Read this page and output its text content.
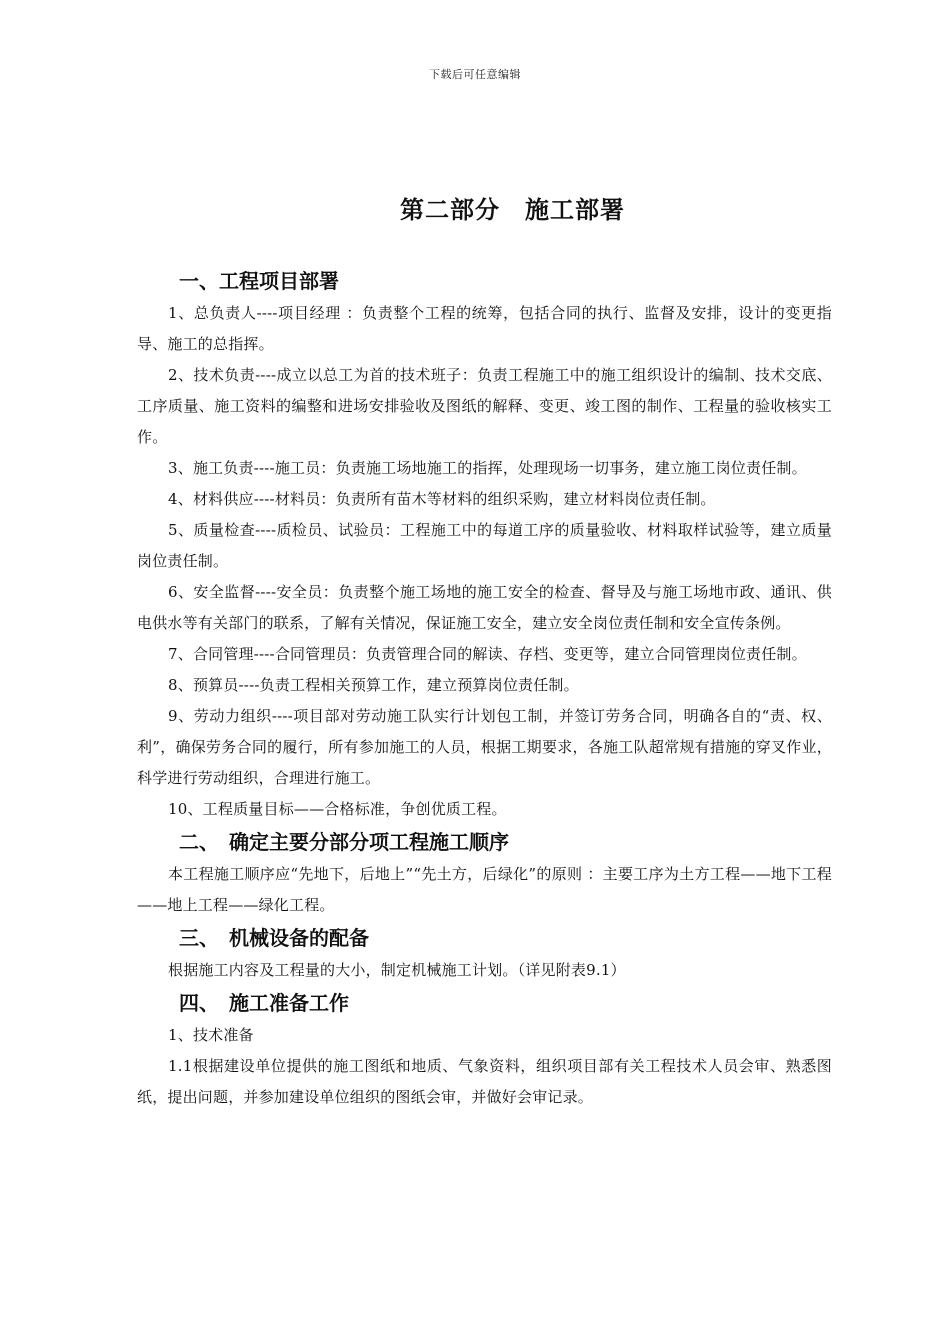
下载后可任意编辑
第二部分　施工部署
一、工程项目部署

1、总负责人----项目经理 ：负责整个工程的统筹，包括合同的执行、监督及安排，设计的变更指导、施工的总指挥。

2、技术负责----成立以总工为首的技术班子：负责工程施工中的施工组织设计的编制、技术交底、工序质量、施工资料的编整和进场安排验收及图纸的解释、变更、竣工图的制作、工程量的验收核实工作。

3、施工负责----施工员：负责施工场地施工的指挥，处理现场一切事务，建立施工岗位责任制。

4、材料供应----材料员：负责所有苗木等材料的组织采购，建立材料岗位责任制。

5、质量检查----质检员、试验员：工程施工中的每道工序的质量验收、材料取样试验等，建立质量岗位责任制。

6、安全监督----安全员：负责整个施工场地的施工安全的检查、督导及与施工场地市政、通讯、供电供水等有关部门的联系，了解有关情况，保证施工安全，建立安全岗位责任制和安全宣传条例。

7、合同管理----合同管理员：负责管理合同的解读、存档、变更等，建立合同管理岗位责任制。

8、预算员----负责工程相关预算工作，建立预算岗位责任制。

9、劳动力组织----项目部对劳动施工队实行计划包工制，并签订劳务合同，明确各自的“责、权、利”，确保劳务合同的履行，所有参加施工的人员，根据工期要求，各施工队超常规有措施的穿叉作业，科学进行劳动组织，合理进行施工。

10、工程质量目标——合格标准，争创优质工程。

二、　确定主要分部分项工程施工顺序

本工程施工顺序应“先地下，后地上”“先土方，后绿化”的原则 ：主要工序为土方工程——地下工程——地上工程——绿化工程。

三、　机械设备的配备

根据施工内容及工程量的大小，制定机械施工计划。（详见附表9.1）

四、　施工准备工作

1、技术准备

1.1根据建设单位提供的施工图纸和地质、气象资料，组织项目部有关工程技术人员会审、熟悉图纸，提出问题，并参加建设单位组织的图纸会审，并做好会审记录。
